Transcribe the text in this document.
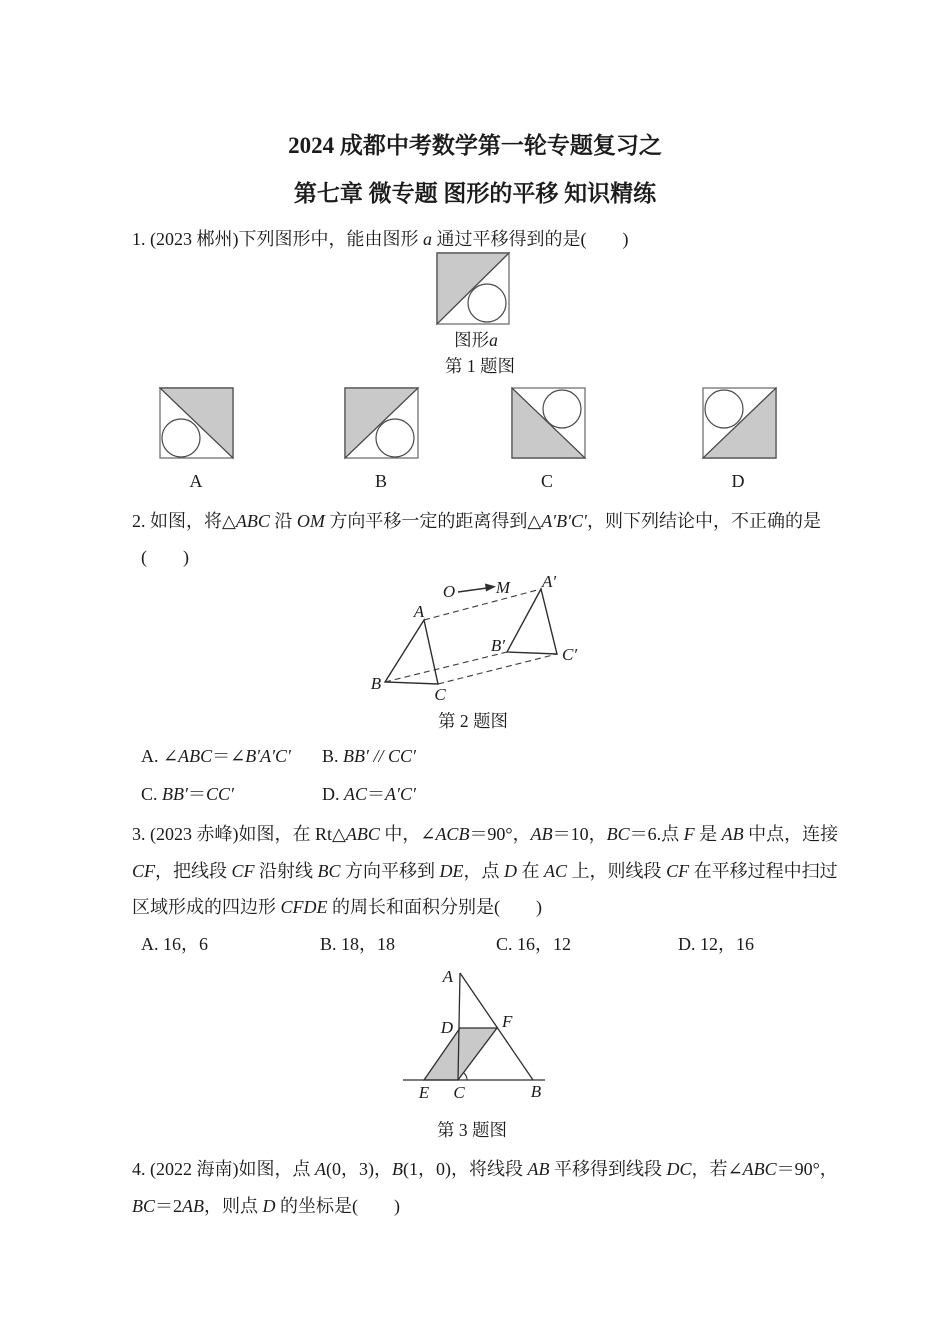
2024 成都中考数学第一轮专题复习之
第七章 微专题 图形的平移 知识精练
1. (2023 郴州)下列图形中，能由图形 a 通过平移得到的是(　　)
图形a
第 1 题图
A	B	C	D
2. 如图，将△ABC 沿 OM 方向平移一定的距离得到△A′B′C′，则下列结论中，不正确的是
(　　)
O M
A
B
C
A′
B′	C′
第 2 题图
A. ∠ABC＝∠B′A′C′ B. BB′ // CC′
C. BB′＝CC′	D. AC＝A′C′
3. (2023 赤峰)如图，在 Rt△ABC 中，∠ACB＝90°，AB＝10，BC＝6.点 F 是 AB 中点，连接
CF，把线段 CF 沿射线 BC 方向平移到 DE，点 D 在 AC 上，则线段 CF 在平移过程中扫过
区域形成的四边形 CFDE 的周长和面积分别是(　　)
A. 16，6	B. 18，18	C. 16，12	D. 12，16
A
D	F
E C	B
第 3 题图
4. (2022 海南)如图，点 A(0，3)，B(1，0)，将线段 AB 平移得到线段 DC，若∠ABC＝90°，
BC＝2AB，则点 D 的坐标是(　　)
